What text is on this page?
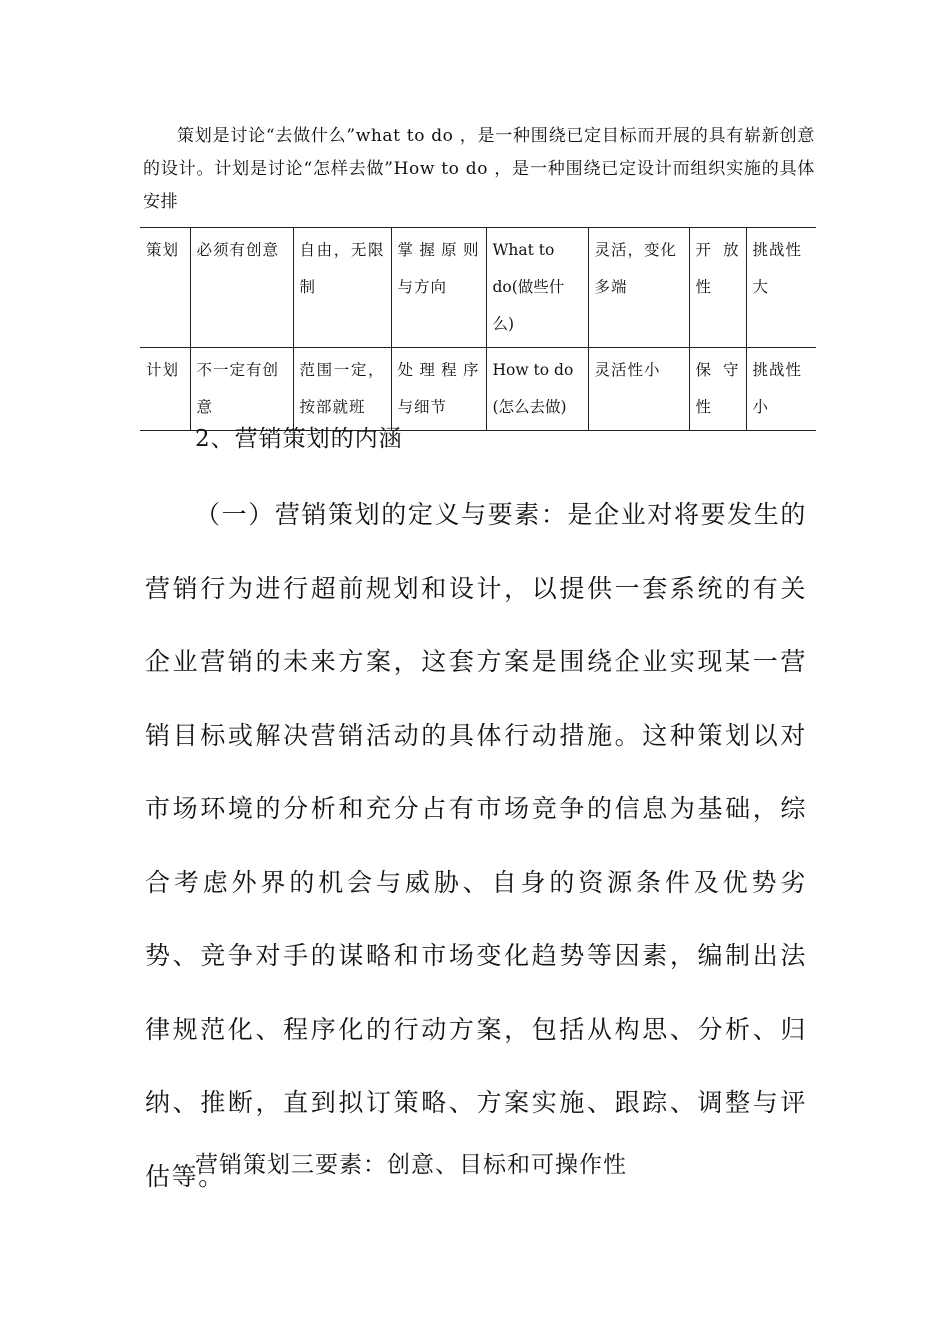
策划是讨论“去做什么”what to do ，是一种围绕已定目标而开展的具有崭新创意的设计。计划是讨论“怎样去做”How to do ，是一种围绕已定设计而组织实施的具体安排

策划	必须有创意	自由，无限制	掌握原则与方向	What to do(做些什么)	灵活，变化多端	开放性	挑战性大
计划	不一定有创意	范围一定，按部就班	处理程序与细节	How to do (怎么去做)	灵活性小	保守性	挑战性小
2、营销策划的内涵

（一）营销策划的定义与要素：是企业对将要发生的营销行为进行超前规划和设计，以提供一套系统的有关企业营销的未来方案，这套方案是围绕企业实现某一营销目标或解决营销活动的具体行动措施。这种策划以对市场环境的分析和充分占有市场竞争的信息为基础，综合考虑外界的机会与威胁、自身的资源条件及优势劣势、竞争对手的谋略和市场变化趋势等因素，编制出法律规范化、程序化的行动方案，包括从构思、分析、归纳、推断，直到拟订策略、方案实施、跟踪、调整与评估等。

营销策划三要素：创意、目标和可操作性
